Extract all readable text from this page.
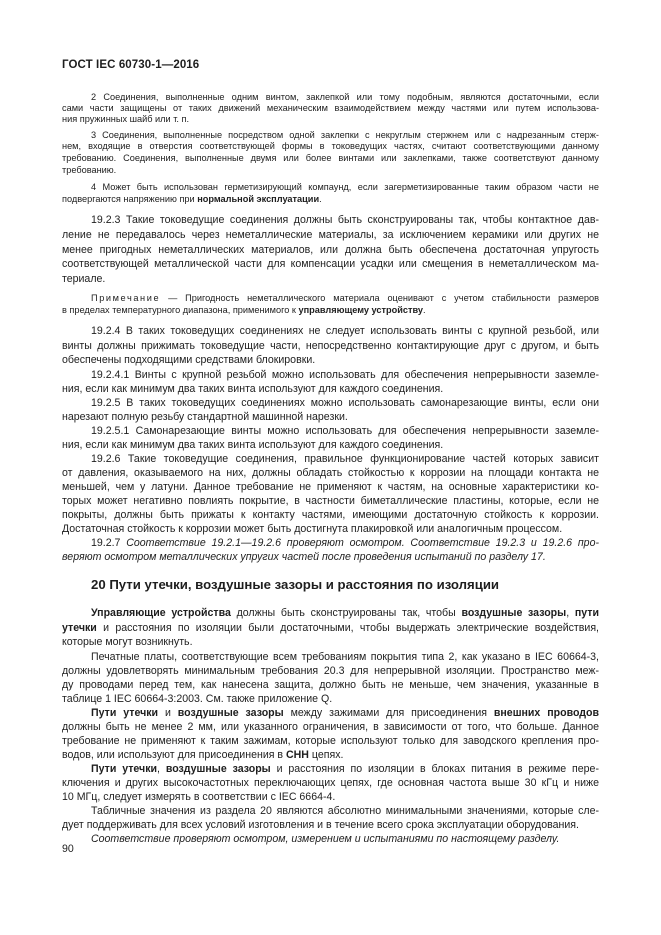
ГОСТ IEC 60730-1—2016

2 Соединения, выполненные одним винтом, заклепкой или тому подобным, являются достаточными, если

сами части защищены от таких движений механическим взаимодействием между частями или путем использова-

ния пружинных шайб или т. п.

3 Соединения, выполненные посредством одной заклепки с некруглым стержнем или с надрезанным стерж-

нем, входящие в отверстия соответствующей формы в токоведущих частях, считают соответствующими данному

требованию. Соединения, выполненные двумя или более винтами или заклепками, также соответствуют данному

требованию.

4 Может быть использован герметизирующий компаунд, если загерметизированные таким образом части не

подвергаются напряжению при нормальной эксплуатации.

19.2.3 Такие токоведущие соединения должны быть сконструированы так, чтобы контактное дав-

ление не передавалось через неметаллические материалы, за исключением керамики или других не

менее пригодных неметаллических материалов, или должна быть обеспечена достаточная упругость

соответствующей металлической части для компенсации усадки или смещения в неметаллическом ма-

териале.

Примечание — Пригодность неметаллического материала оценивают с учетом стабильности размеров

в пределах температурного диапазона, применимого к управляющему устройству.

19.2.4 В таких токоведущих соединениях не следует использовать винты с крупной резьбой, или

винты должны прижимать токоведущие части, непосредственно контактирующие друг с другом, и быть

обеспечены подходящими средствами блокировки.

19.2.4.1 Винты с крупной резьбой можно использовать для обеспечения непрерывности заземле-

ния, если как минимум два таких винта используют для каждого соединения.

19.2.5 В таких токоведущих соединениях можно использовать самонарезающие винты, если они

нарезают полную резьбу стандартной машинной нарезки.

19.2.5.1 Самонарезающие винты можно использовать для обеспечения непрерывности заземле-

ния, если как минимум два таких винта используют для каждого соединения.

19.2.6 Такие токоведущие соединения, правильное функционирование частей которых зависит

от давления, оказываемого на них, должны обладать стойкостью к коррозии на площади контакта не

меньшей, чем у латуни. Данное требование не применяют к частям, на основные характеристики ко-

торых может негативно повлиять покрытие, в частности биметаллические пластины, которые, если не

покрыты, должны быть прижаты к контакту частями, имеющими достаточную стойкость к коррозии.

Достаточная стойкость к коррозии может быть достигнута плакировкой или аналогичным процессом.

19.2.7 Соответствие 19.2.1—19.2.6 проверяют осмотром. Соответствие 19.2.3 и 19.2.6 про-

веряют осмотром металлических упругих частей после проведения испытаний по разделу 17.

Управляющие устройства должны быть сконструированы так, чтобы воздушные зазоры, пути

утечки и расстояния по изоляции были достаточными, чтобы выдержать электрические воздействия,

которые могут возникнуть.

Печатные платы, соответствующие всем требованиям покрытия типа 2, как указано в IEC 60664-3,

должны удовлетворять минимальным требования 20.3 для непрерывной изоляции. Пространство меж-

ду проводами перед тем, как нанесена защита, должно быть не меньше, чем значения, указанные в

таблице 1 IEC 60664-3:2003. См. также приложение Q.

Пути утечки и воздушные зазоры между зажимами для присоединения внешних проводов

должны быть не менее 2 мм, или указанного ограничения, в зависимости от того, что больше. Данное

требование не применяют к таким зажимам, которые используют только для заводского крепления про-

водов, или используют для присоединения в СНН цепях.

Пути утечки, воздушные зазоры и расстояния по изоляции в блоках питания в режиме пере-

ключения и других высокочастотных переключающих цепях, где основная частота выше 30 кГц и ниже

10 МГц, следует измерять в соответствии с IEC 6664-4.

Табличные значения из раздела 20 являются абсолютно минимальными значениями, которые сле-

дует поддерживать для всех условий изготовления и в течение всего срока эксплуатации оборудования.

Соответствие проверяют осмотром, измерением и испытаниями по настоящему разделу.

20 Пути утечки, воздушные зазоры и расстояния по изоляции
90
